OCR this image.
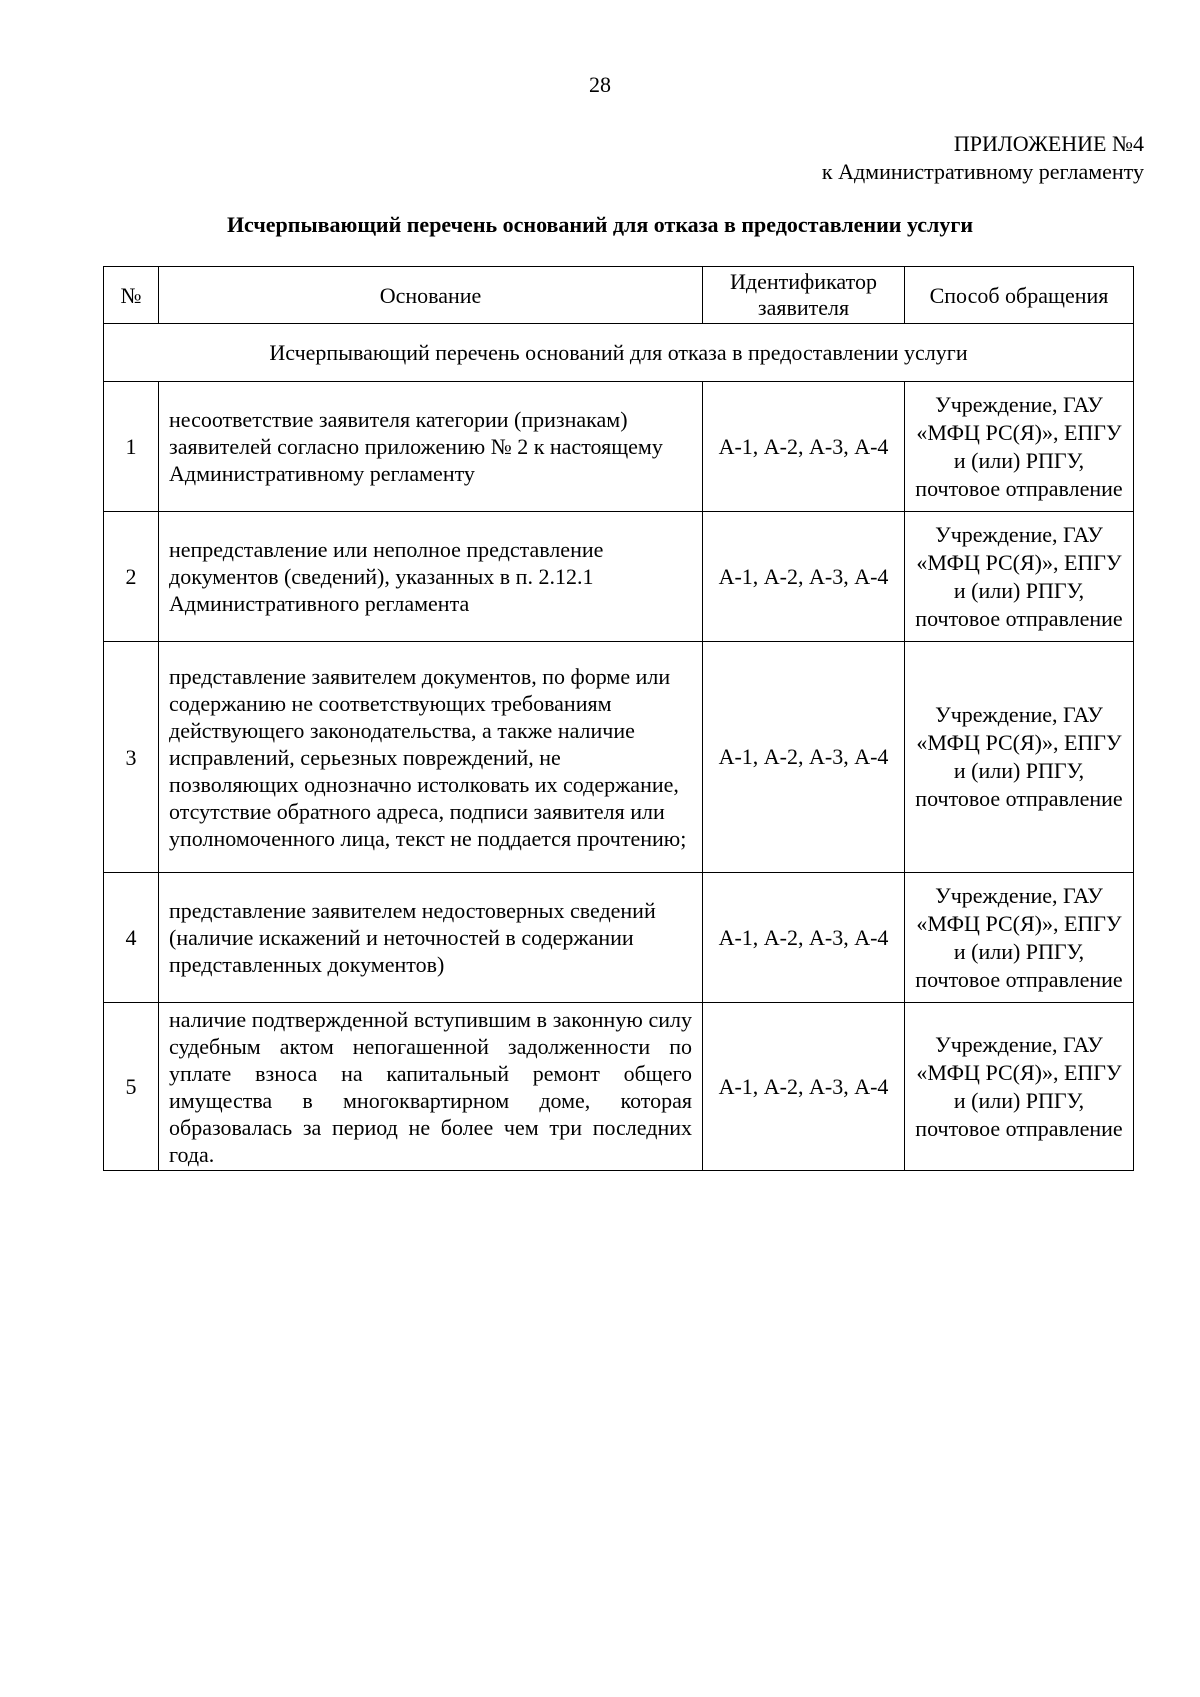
28
ПРИЛОЖЕНИЕ №4
к Административному регламенту
Исчерпывающий перечень оснований для отказа в предоставлении услуги
№	Основание	Идентификатор заявителя	Способ обращения
Исчерпывающий перечень оснований для отказа в предоставлении услуги			
1	несоответствие заявителя категории (признакам) заявителей согласно приложению № 2 к настоящему Административному регламенту	А-1, А-2, А-3, А-4	Учреждение, ГАУ «МФЦ РС(Я)», ЕПГУ и (или) РПГУ, почтовое отправление
2	непредставление или неполное представление документов (сведений), указанных в п. 2.12.1 Административного регламента	А-1, А-2, А-3, А-4	Учреждение, ГАУ «МФЦ РС(Я)», ЕПГУ и (или) РПГУ, почтовое отправление
3	представление заявителем документов, по форме или содержанию не соответствующих требованиям действующего законодательства, а также наличие исправлений, серьезных повреждений, не позволяющих однозначно истолковать их содержание, отсутствие обратного адреса, подписи заявителя или уполномоченного лица, текст не поддается прочтению;	А-1, А-2, А-3, А-4	Учреждение, ГАУ «МФЦ РС(Я)», ЕПГУ и (или) РПГУ, почтовое отправление
4	представление заявителем недостоверных сведений (наличие искажений и неточностей в содержании представленных документов)	А-1, А-2, А-3, А-4	Учреждение, ГАУ «МФЦ РС(Я)», ЕПГУ и (или) РПГУ, почтовое отправление
5	наличие подтвержденной вступившим в законную силу судебным актом непогашенной задолженности по уплате взноса на капитальный ремонт общего имущества в многоквартирном доме, которая образовалась за период не более чем три последних года.	А-1, А-2, А-3, А-4	Учреждение, ГАУ «МФЦ РС(Я)», ЕПГУ и (или) РПГУ, почтовое отправление
